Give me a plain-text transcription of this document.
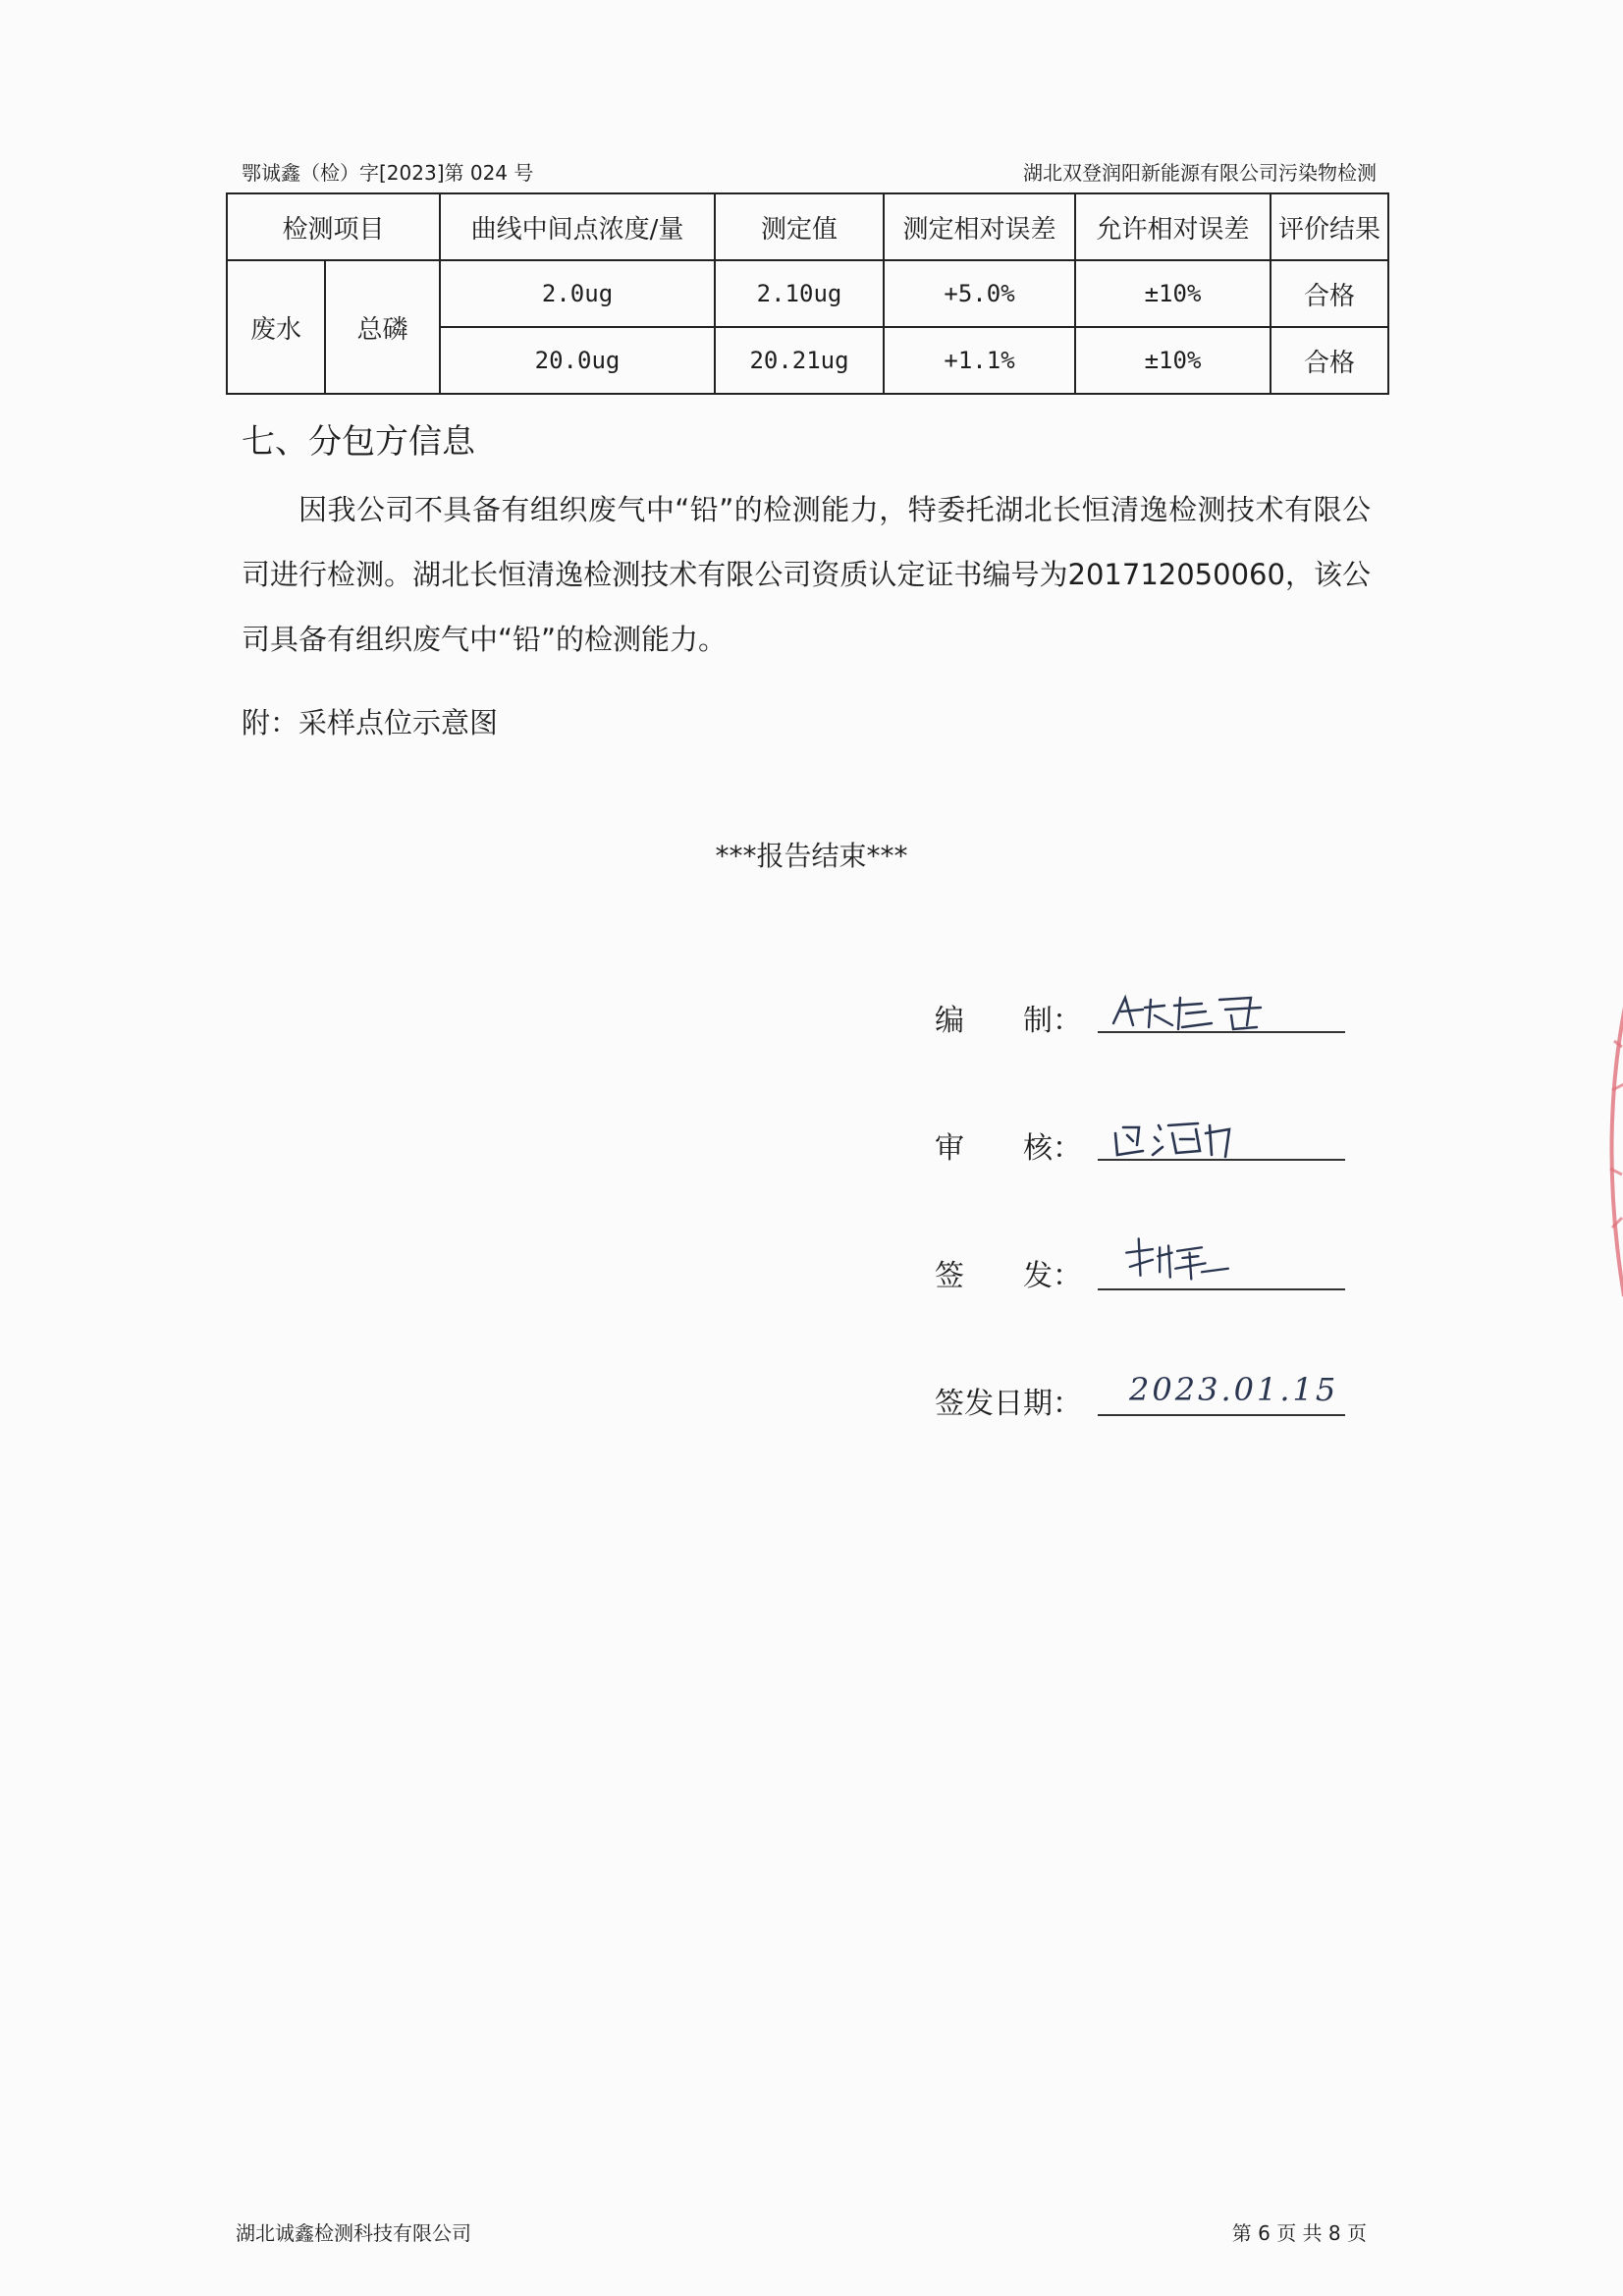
鄂诚鑫（检）字[2023]第 024 号	湖北双登润阳新能源有限公司污染物检测
检测项目		曲线中间点浓度/量	测定值	测定相对误差	允许相对误差	评价结果
废水	总磷	2.0ug	2.10ug	+5.0%	±10%	合格
		20.0ug	20.21ug	+1.1%	±10%	合格
七、分包方信息
因我公司不具备有组织废气中“铅”的检测能力，特委托湖北长恒清逸检测技术有限公司进行检测。湖北长恒清逸检测技术有限公司资质认定证书编号为201712050060，该公司具备有组织废气中“铅”的检测能力。
附：采样点位示意图
***报告结束***
编　　制：
审　　核：
签　　发：
签发日期： 2023.01.15
湖北诚鑫检测科技有限公司	第 6 页 共 8 页
